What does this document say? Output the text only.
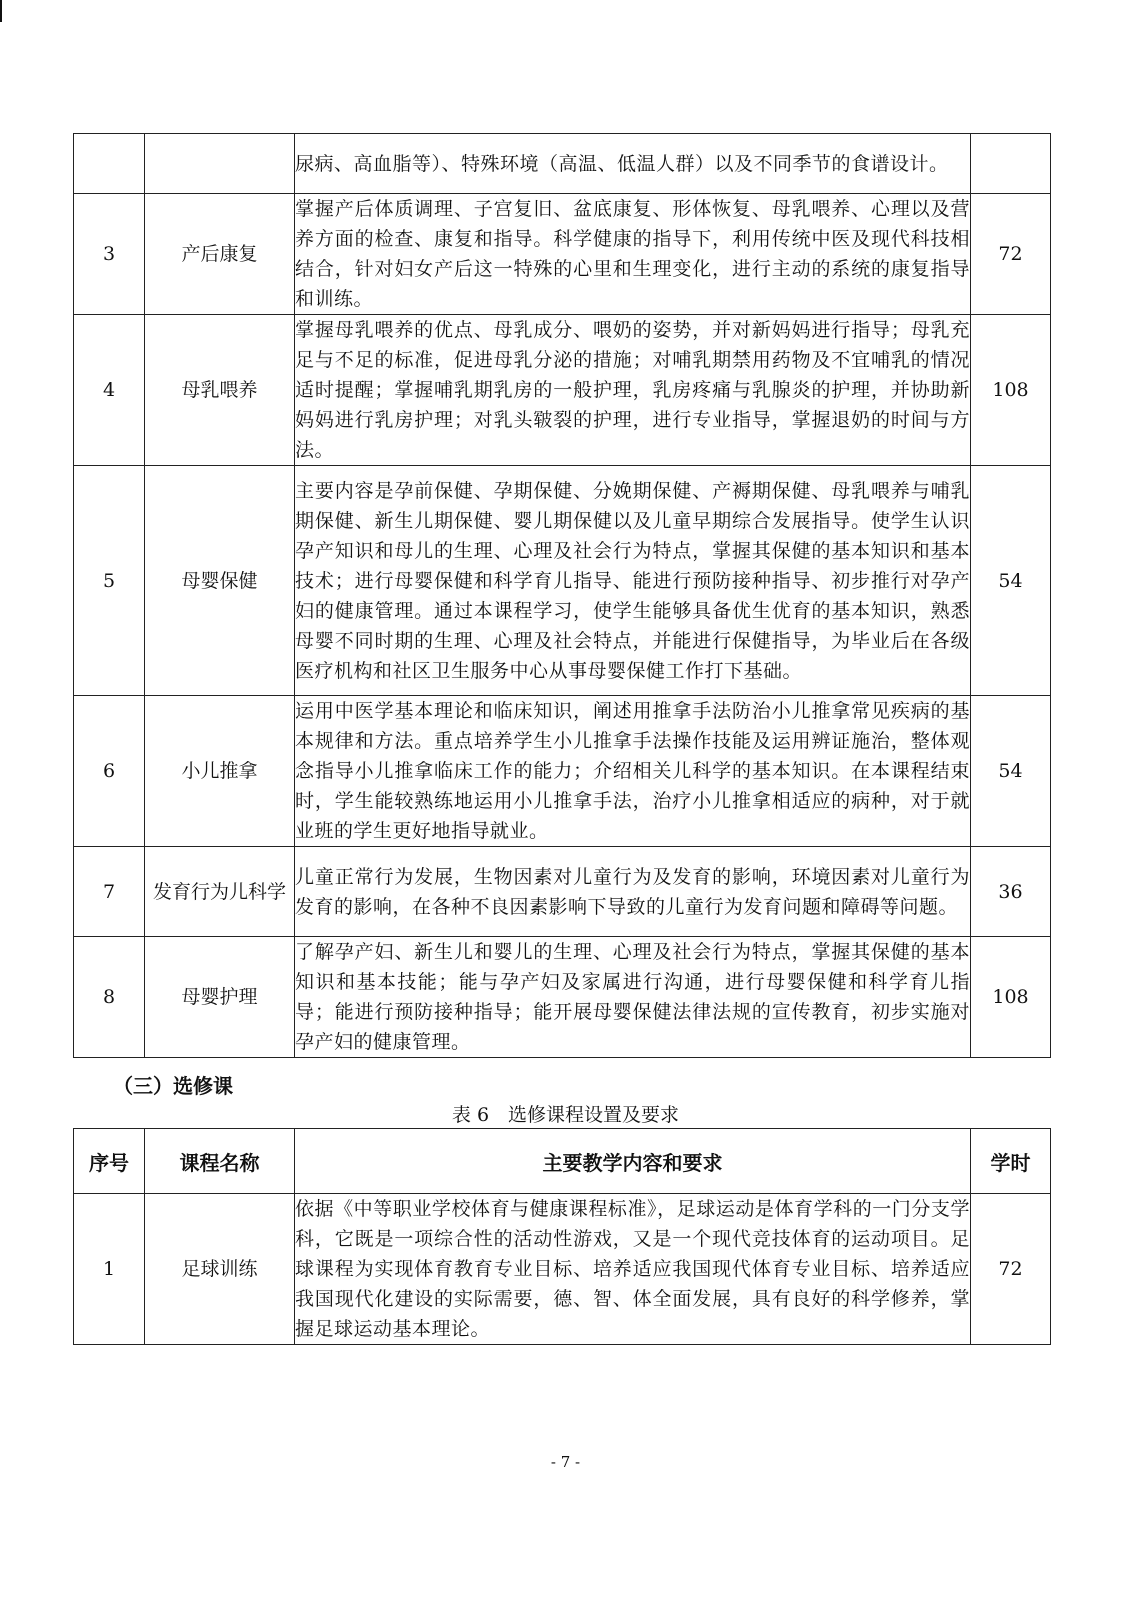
		尿病、高血脂等）、特殊环境（高温、低温人群）以及不同季节的食谱设计。	
3	产后康复	掌握产后体质调理、子宫复旧、盆底康复、形体恢复、母乳喂养、心理以及营养方面的检查、康复和指导。科学健康的指导下，利用传统中医及现代科技相结合，针对妇女产后这一特殊的心里和生理变化，进行主动的系统的康复指导和训练。	72
4	母乳喂养	掌握母乳喂养的优点、母乳成分、喂奶的姿势，并对新妈妈进行指导；母乳充足与不足的标准，促进母乳分泌的措施；对哺乳期禁用药物及不宜哺乳的情况适时提醒；掌握哺乳期乳房的一般护理，乳房疼痛与乳腺炎的护理，并协助新妈妈进行乳房护理；对乳头皲裂的护理，进行专业指导，掌握退奶的时间与方法。	108
5	母婴保健	主要内容是孕前保健、孕期保健、分娩期保健、产褥期保健、母乳喂养与哺乳期保健、新生儿期保健、婴儿期保健以及儿童早期综合发展指导。使学生认识孕产知识和母儿的生理、心理及社会行为特点，掌握其保健的基本知识和基本技术；进行母婴保健和科学育儿指导、能进行预防接种指导、初步推行对孕产妇的健康管理。通过本课程学习，使学生能够具备优生优育的基本知识，熟悉母婴不同时期的生理、心理及社会特点，并能进行保健指导，为毕业后在各级医疗机构和社区卫生服务中心从事母婴保健工作打下基础。	54
6	小儿推拿	运用中医学基本理论和临床知识，阐述用推拿手法防治小儿推拿常见疾病的基本规律和方法。重点培养学生小儿推拿手法操作技能及运用辨证施治，整体观念指导小儿推拿临床工作的能力；介绍相关儿科学的基本知识。在本课程结束时，学生能较熟练地运用小儿推拿手法，治疗小儿推拿相适应的病种，对于就业班的学生更好地指导就业。	54
7	发育行为儿科学	儿童正常行为发展，生物因素对儿童行为及发育的影响，环境因素对儿童行为发育的影响，在各种不良因素影响下导致的儿童行为发育问题和障碍等问题。	36
8	母婴护理	了解孕产妇、新生儿和婴儿的生理、心理及社会行为特点，掌握其保健的基本知识和基本技能；能与孕产妇及家属进行沟通，进行母婴保健和科学育儿指导；能进行预防接种指导；能开展母婴保健法律法规的宣传教育，初步实施对孕产妇的健康管理。	108

（三）选修课

表 6　选修课程设置及要求

序号	课程名称	主要教学内容和要求	学时
1	足球训练	依据《中等职业学校体育与健康课程标准》，足球运动是体育学科的一门分支学科，它既是一项综合性的活动性游戏，又是一个现代竞技体育的运动项目。足球课程为实现体育教育专业目标、培养适应我国现代体育专业目标、培养适应我国现代化建设的实际需要，德、智、体全面发展，具有良好的科学修养，掌握足球运动基本理论。	72
- 7 -
